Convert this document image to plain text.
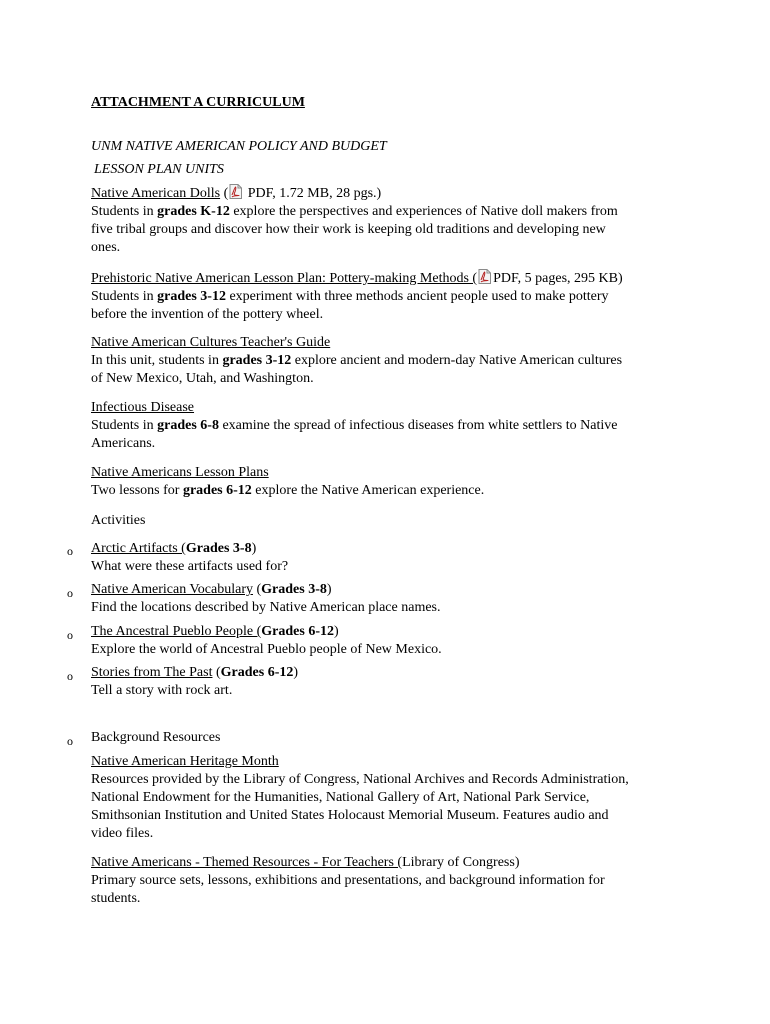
ATTACHMENT A CURRICULUM
UNM NATIVE AMERICAN POLICY AND BUDGET
LESSON PLAN UNITS
Native American Dolls (
PDF, 1.72 MB, 28 pgs.)
Students in grades K-12 explore the perspectives and experiences of Native doll makers from
five tribal groups and discover how their work is keeping old traditions and developing new
ones.
Prehistoric Native American Lesson Plan: Pottery-making Methods ( PDF, 5 pages, 295 KB)
Students in grades 3-12 experiment with three methods ancient people used to make pottery
before the invention of the pottery wheel.
Native American Cultures Teacher's Guide
In this unit, students in grades 3-12 explore ancient and modern-day Native American cultures
of New Mexico, Utah, and Washington.
Infectious Disease
Students in grades 6-8 examine the spread of infectious diseases from white settlers to Native
Americans.
Native Americans Lesson Plans
Two lessons for grades 6-12 explore the Native American experience.
Activities
o Arctic Artifacts (Grades 3-8)
What were these artifacts used for?
o Native American Vocabulary (Grades 3-8)
Find the locations described by Native American place names.
o The Ancestral Pueblo People (Grades 6-12)
Explore the world of Ancestral Pueblo people of New Mexico.
o Stories from The Past (Grades 6-12)
Tell a story with rock art.
o Background Resources
Native American Heritage Month
Resources provided by the Library of Congress, National Archives and Records Administration,
National Endowment for the Humanities, National Gallery of Art, National Park Service,
Smithsonian Institution and United States Holocaust Memorial Museum. Features audio and
video files.
Native Americans - Themed Resources - For Teachers (Library of Congress)
Primary source sets, lessons, exhibitions and presentations, and background information for
students.
